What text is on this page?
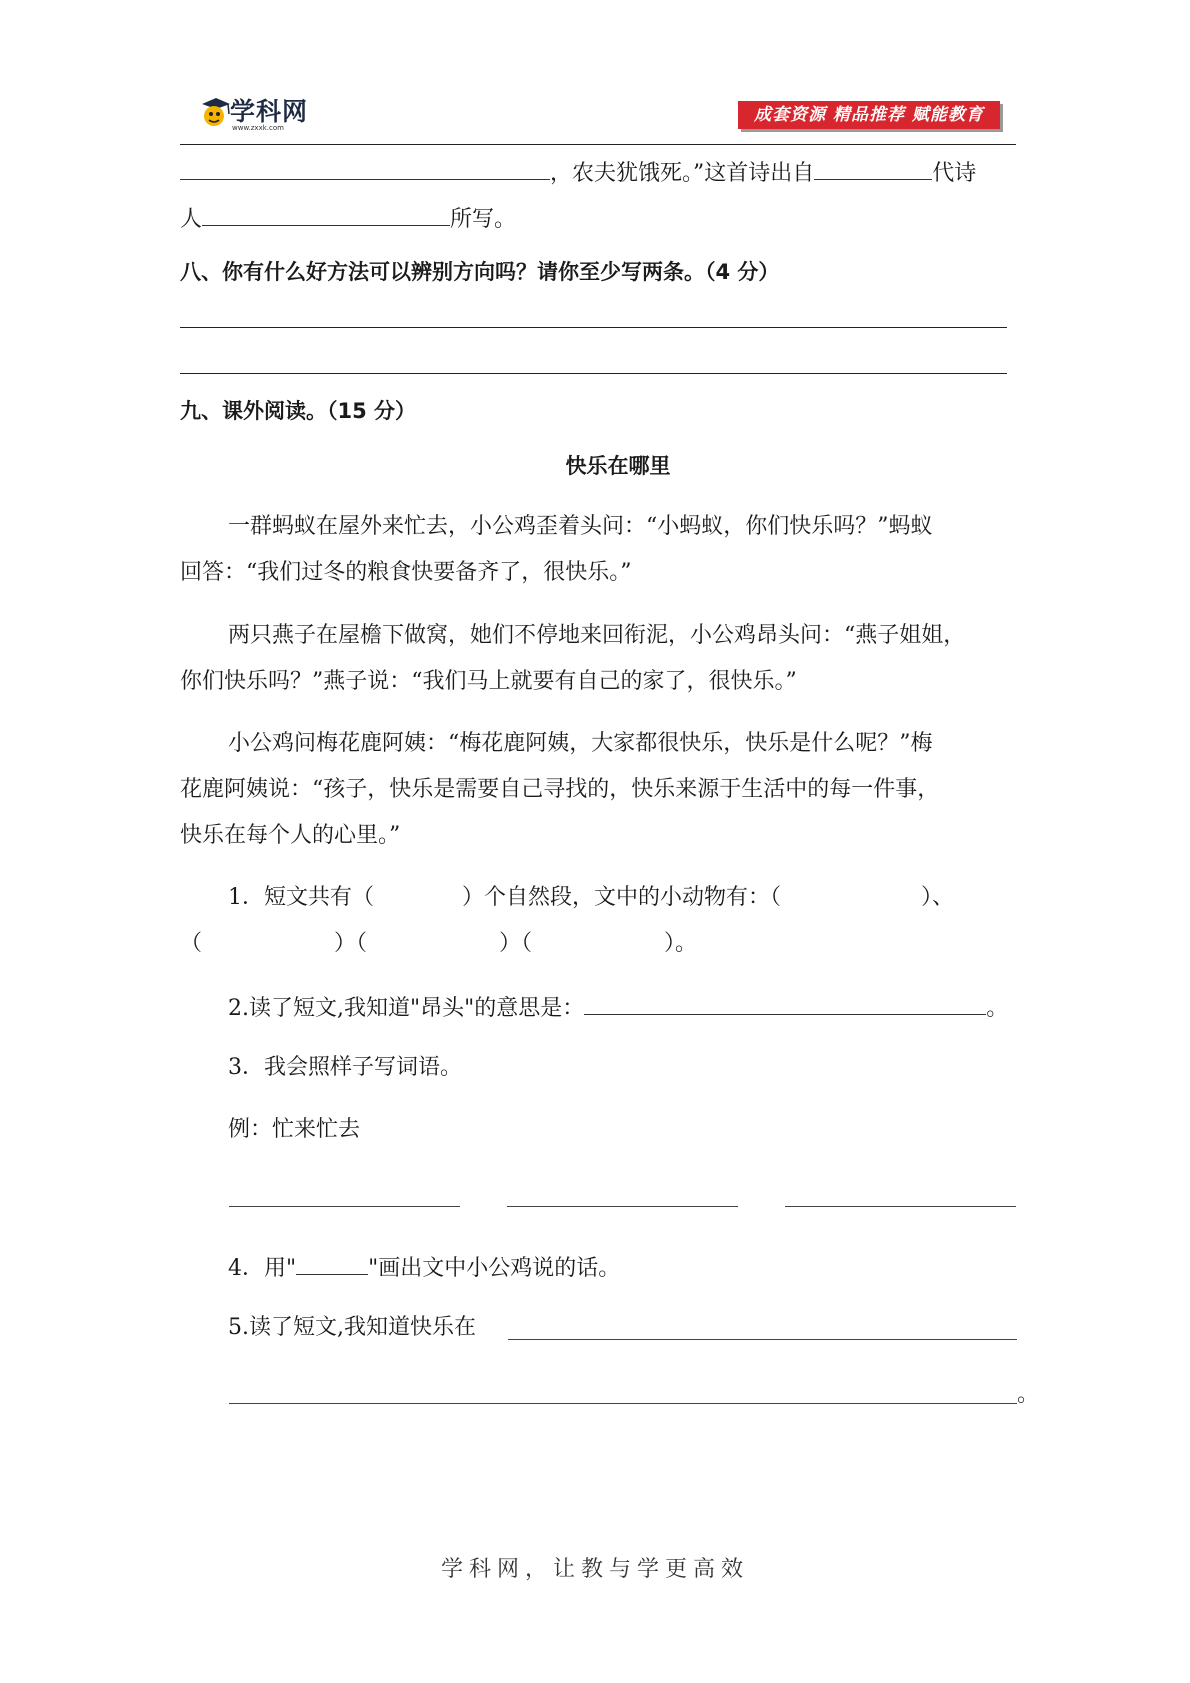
学科网
www.zxxk.com
成套资源 精品推荐 赋能教育
，农夫犹饿死。”这首诗出自	代诗
人	所写。
八、你有什么好方法可以辨别方向吗？请你至少写两条。（4 分）
九、课外阅读。（15 分）
快乐在哪里
一群蚂蚁在屋外来忙去，小公鸡歪着头问：“小蚂蚁，你们快乐吗？”蚂蚁
回答：“我们过冬的粮食快要备齐了，很快乐。”
两只燕子在屋檐下做窝，她们不停地来回衔泥，小公鸡昂头问：“燕子姐姐，
你们快乐吗？”燕子说：“我们马上就要有自己的家了，很快乐。”
小公鸡问梅花鹿阿姨：“梅花鹿阿姨，大家都很快乐，快乐是什么呢？”梅
花鹿阿姨说：“孩子，快乐是需要自己寻找的，快乐来源于生活中的每一件事，
快乐在每个人的心里。”
1．短文共有（	）个自然段，文中的小动物有：（	）、
（	）（	）（	）。
2.读了短文,我知道"昂头"的意思是：	。
3．我会照样子写词语。
例：忙来忙去
4．用"	"画出文中小公鸡说的话。
5.读了短文,我知道快乐在
。
学科网，让教与学更高效
